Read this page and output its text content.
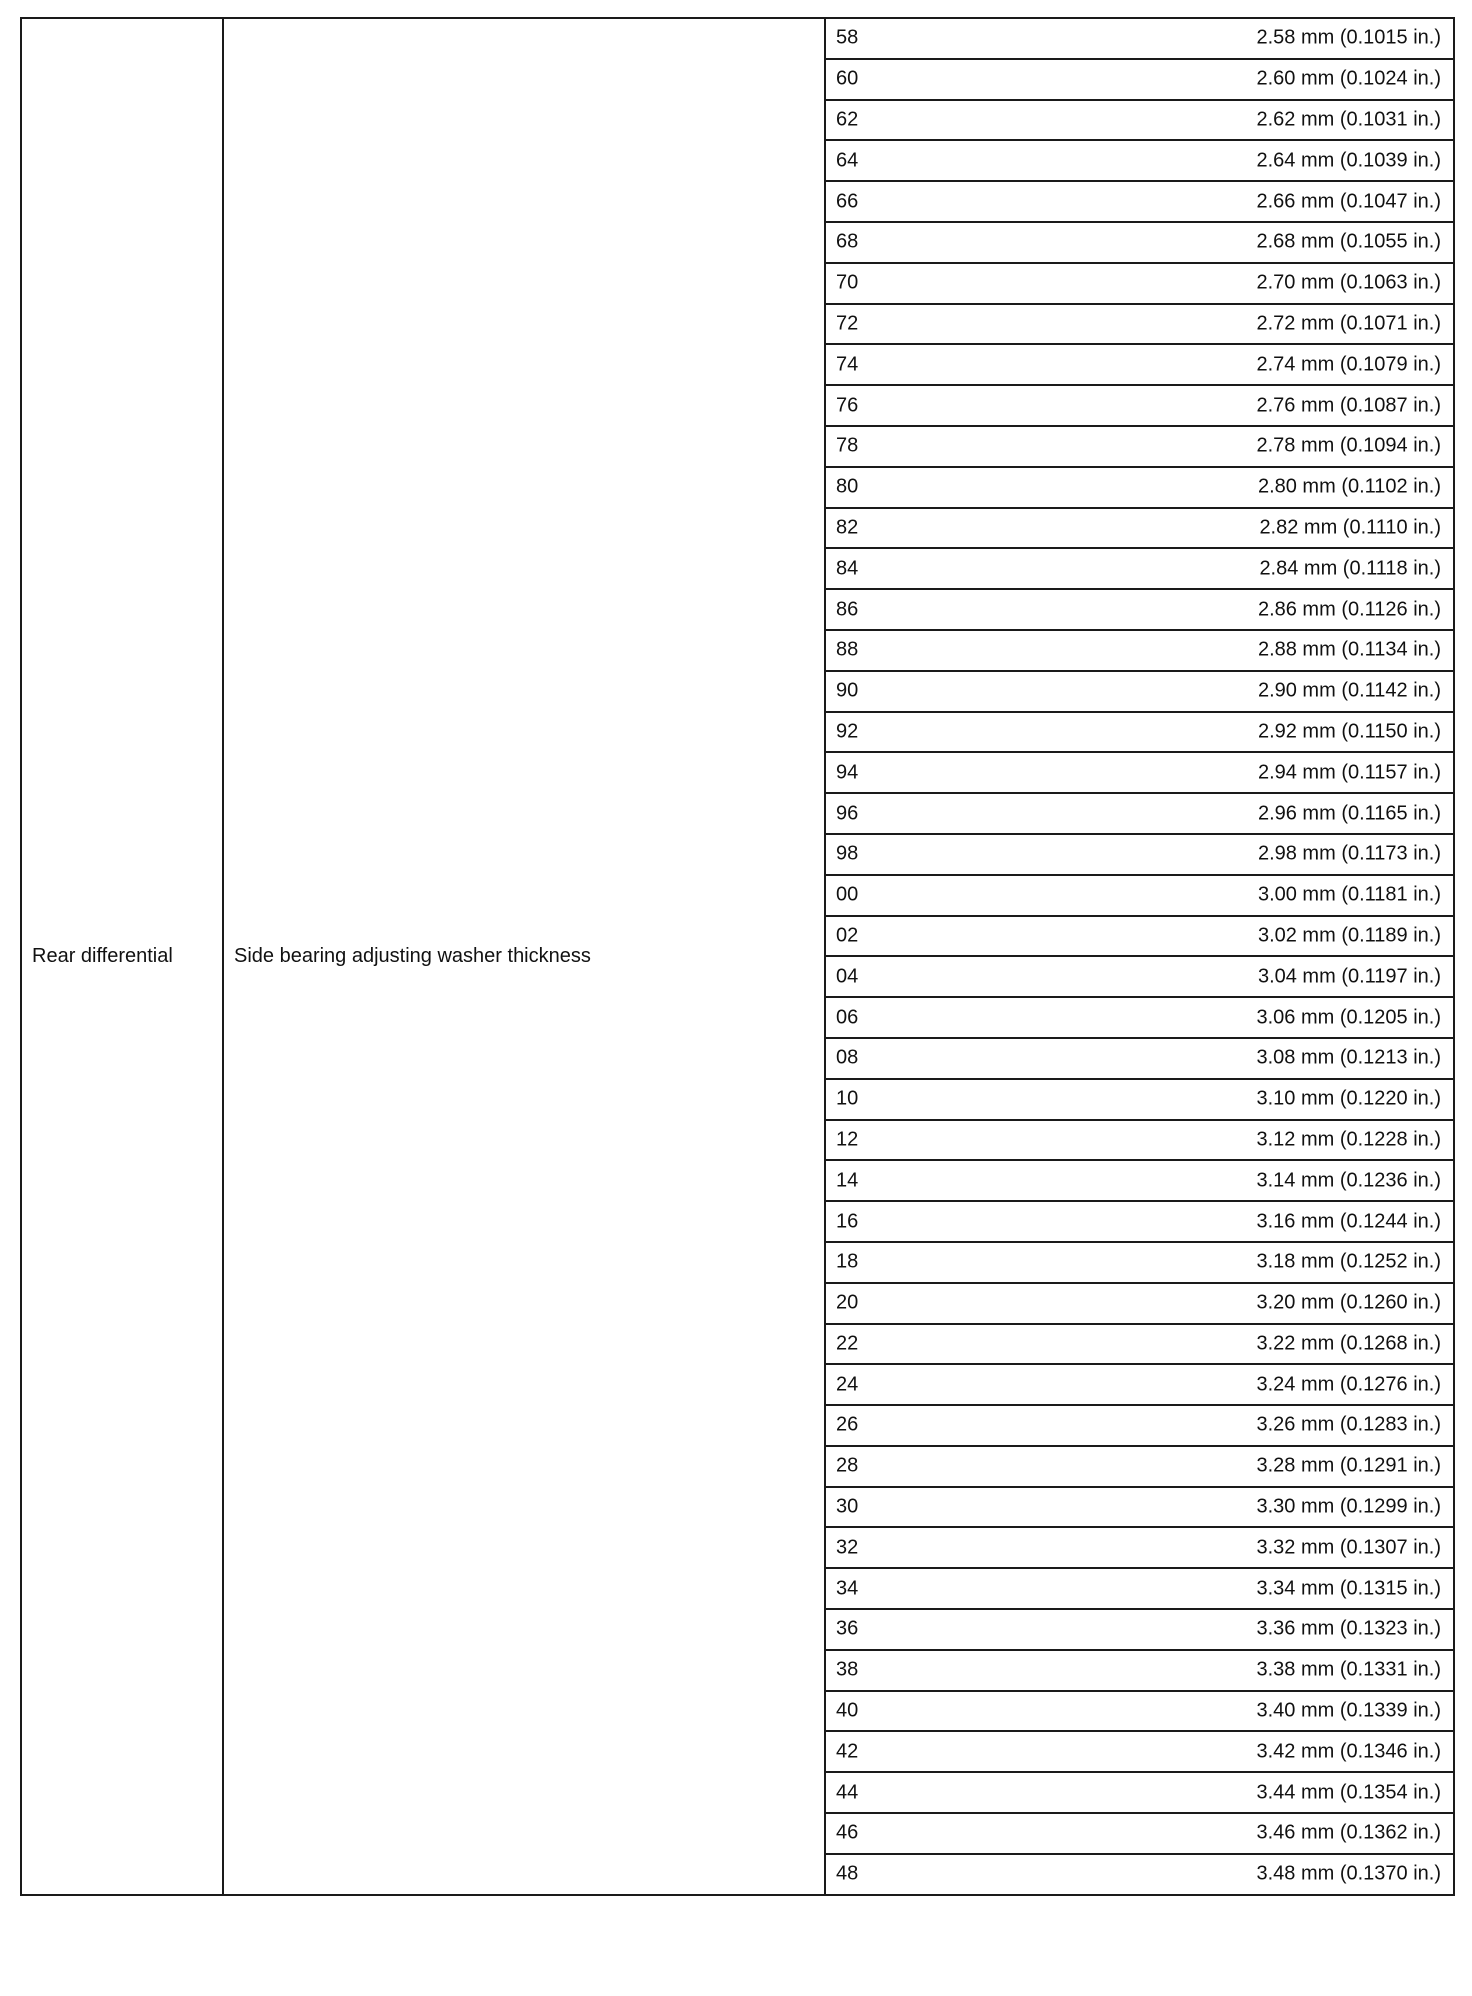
Rear differential	Side bearing adjusting washer thickness	
58	2.58 mm (0.1015 in.)

60	2.60 mm (0.1024 in.)

62	2.62 mm (0.1031 in.)

64	2.64 mm (0.1039 in.)

66	2.66 mm (0.1047 in.)

68	2.68 mm (0.1055 in.)

70	2.70 mm (0.1063 in.)

72	2.72 mm (0.1071 in.)

74	2.74 mm (0.1079 in.)

76	2.76 mm (0.1087 in.)

78	2.78 mm (0.1094 in.)

80	2.80 mm (0.1102 in.)

82	2.82 mm (0.1110 in.)

84	2.84 mm (0.1118 in.)

86	2.86 mm (0.1126 in.)

88	2.88 mm (0.1134 in.)

90	2.90 mm (0.1142 in.)

92	2.92 mm (0.1150 in.)

94	2.94 mm (0.1157 in.)

96	2.96 mm (0.1165 in.)

98	2.98 mm (0.1173 in.)

00	3.00 mm (0.1181 in.)

02	3.02 mm (0.1189 in.)

04	3.04 mm (0.1197 in.)

06	3.06 mm (0.1205 in.)

08	3.08 mm (0.1213 in.)

10	3.10 mm (0.1220 in.)

12	3.12 mm (0.1228 in.)

14	3.14 mm (0.1236 in.)

16	3.16 mm (0.1244 in.)

18	3.18 mm (0.1252 in.)

20	3.20 mm (0.1260 in.)

22	3.22 mm (0.1268 in.)

24	3.24 mm (0.1276 in.)

26	3.26 mm (0.1283 in.)

28	3.28 mm (0.1291 in.)

30	3.30 mm (0.1299 in.)

32	3.32 mm (0.1307 in.)

34	3.34 mm (0.1315 in.)

36	3.36 mm (0.1323 in.)

38	3.38 mm (0.1331 in.)

40	3.40 mm (0.1339 in.)

42	3.42 mm (0.1346 in.)

44	3.44 mm (0.1354 in.)

46	3.46 mm (0.1362 in.)

48	3.48 mm (0.1370 in.)
